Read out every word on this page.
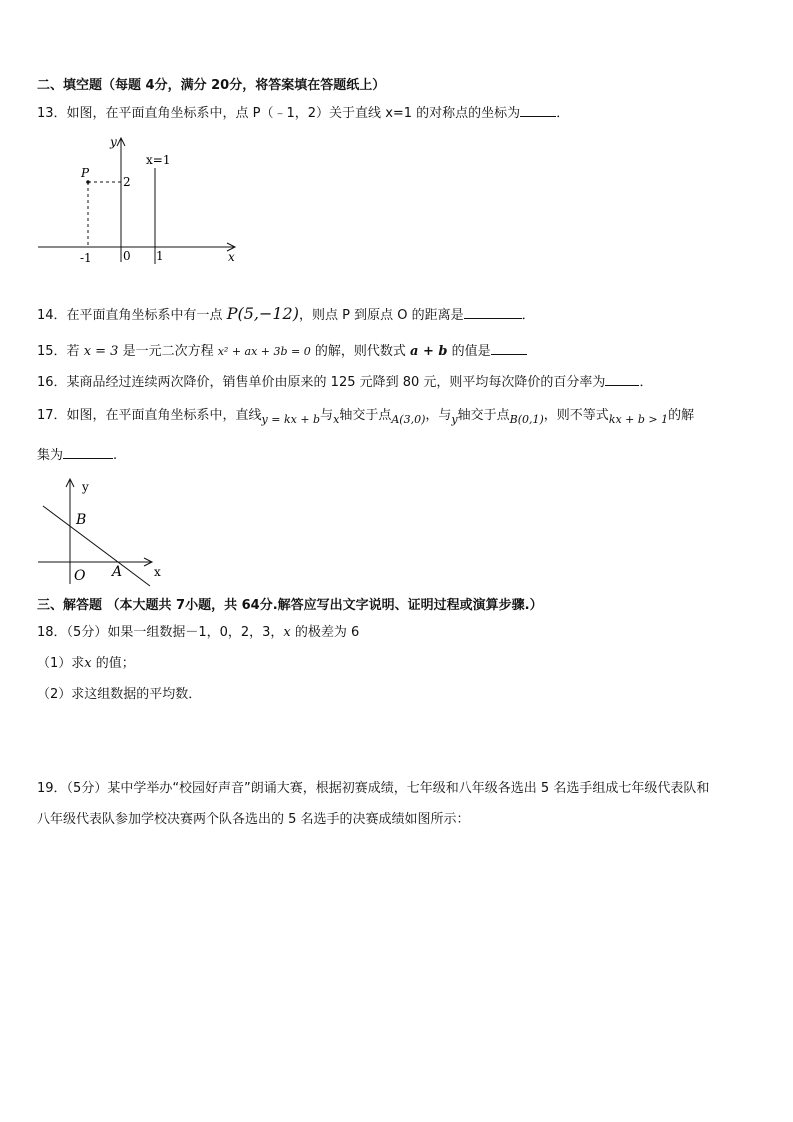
二、填空题（每题 4分，满分 20分，将答案填在答题纸上）
13．如图，在平面直角坐标系中，点 P（﹣1，2）关于直线 x=1 的对称点的坐标为	．
y
x
x=1
P
2
-1	0 1
14．在平面直角坐标系中有一点 P(5,−12)，则点 P 到原点 O 的距离是	．
15．若 x = 3 是一元二次方程 x² + ax + 3b = 0 的解，则代数式 a + b 的值是
16．某商品经过连续两次降价，销售单价由原来的 125 元降到 80 元，则平均每次降价的百分率为	．
17．如图，在平面直角坐标系中，直线$_{y = kx + b}$与$_x$轴交于点$_{A(3,0)}$，与$_y$轴交于点$_{B(0,1)}$，则不等式$_{kx + b > 1}$的解
集为	.
y
x
B
O A
三、解答题 （本大题共 7小题，共 64分.解答应写出文字说明、证明过程或演算步骤.）
18．（5分）如果一组数据－1，0，2，3，x 的极差为 6
（1）求x 的值；
（2）求这组数据的平均数．
19．（5分）某中学举办“校园好声音”朗诵大赛，根据初赛成绩，七年级和八年级各选出 5 名选手组成七年级代表队和
八年级代表队参加学校决赛两个队各选出的 5 名选手的决赛成绩如图所示：
